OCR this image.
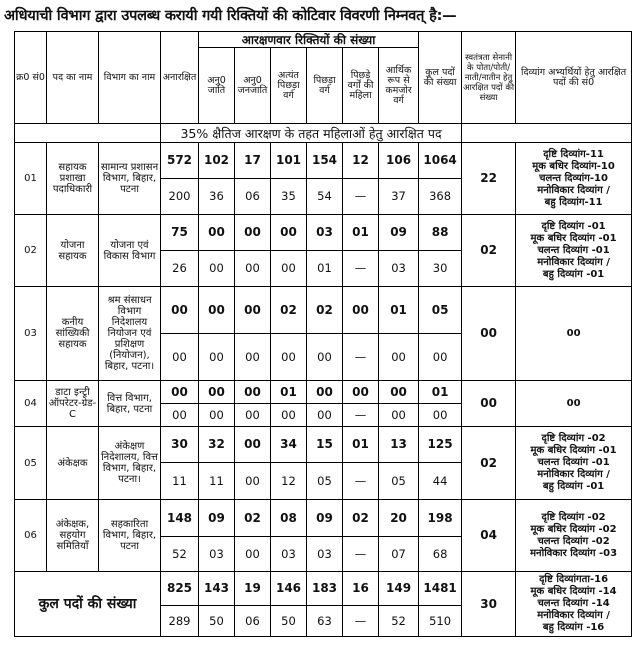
अधियाची विभाग द्वारा उपलब्ध करायी गयी रिक्तियों की कोटिवार विवरणी निम्नवत् है:—
क्र0 सं0	पद का नाम	विभाग का नाम	अनारक्षित	आरक्षणवार रिक्तियों की संख्या						कुल पदों की संख्या	स्वतंत्रता सेनानी के पोता/पोती/नाती/नातीन हेतु आरक्षित पदों की संख्या	दिव्यांग अभ्यर्थियों हेतु आरक्षित पदों की सं0
				अनु0 जाति	अनु0 जनजाति	अत्यंत पिछड़ा वर्ग	पिछड़ा वर्ग	पिछड़े वर्गों की महिला	आर्थिक रूप से कमजोर वर्ग			
			35% क्षैतिज आरक्षण के तहत महिलाओं हेतु आरक्षित पद									
01	सहायक प्रशाखा पदाधिकारी	सामान्य प्रशासन विभाग, बिहार, पटना	572	102	17	101	154	12	106	1064	22	दृष्टि दिव्यांग-11
मूक बधिर दिव्यांग-10
चलन्त दिव्यांग-10
मनोविकार दिव्यांग /
बहु दिव्यांग-11

			200	36	06	35	54	—	37	368		
02	योजना सहायक	योजना एवं विकास विभाग	75	00	00	00	03	01	09	88	02	दृष्टि दिव्यांग -01
मूक बधिर दिव्यांग -01
चलन्त दिव्यांग -01
मनोविकार दिव्यांग /
बहु दिव्यांग -01

			26	00	00	00	01	—	03	30		
03	कनीय सांख्यिकी सहायक	श्रम संसाधन विभाग निदेशालय नियोजन एवं प्रशिक्षण (नियोजन), बिहार, पटना।	00	00	00	02	02	00	01	05	00	00

			00	00	00	00	00	—	00	00		
04	डाटा इन्ट्री ऑपरेटर-ग्रेड-C	वित्त विभाग, बिहार, पटना	00	00	00	01	00	00	00	01	00	00

			00	00	00	00	00	—	00	00		
05	अंकेक्षक	अंकेक्षण निदेशालय, वित्त विभाग, बिहार, पटना।	30	32	00	34	15	01	13	125	02	दृष्टि दिव्यांग -02
मूक बधिर दिव्यांग -01
चलन्त दिव्यांग -01
मनोविकार दिव्यांग /
बहु दिव्यांग -01

			11	11	00	12	05	—	05	44		
06	अंकेक्षक, सहयोग समितियाँ	सहकारिता विभाग, बिहार, पटना	148	09	02	08	09	02	20	198	04	दृष्टि दिव्यांग -02
मूक बधिर दिव्यांग -02
चलन्त दिव्यांग -02
मनोविकार दिव्यांग -03

			52	03	00	03	03	—	07	68		
कुल पदों की संख्या			825	143	19	146	183	16	149	1481	30	दृष्टि दिव्यांगता-16
मूक बधिर दिव्यांग -14
चलन्त दिव्यांग -14
मनोविकार दिव्यांग /
बहु दिव्यांग -16

			289	50	06	50	63	—	52	510		
